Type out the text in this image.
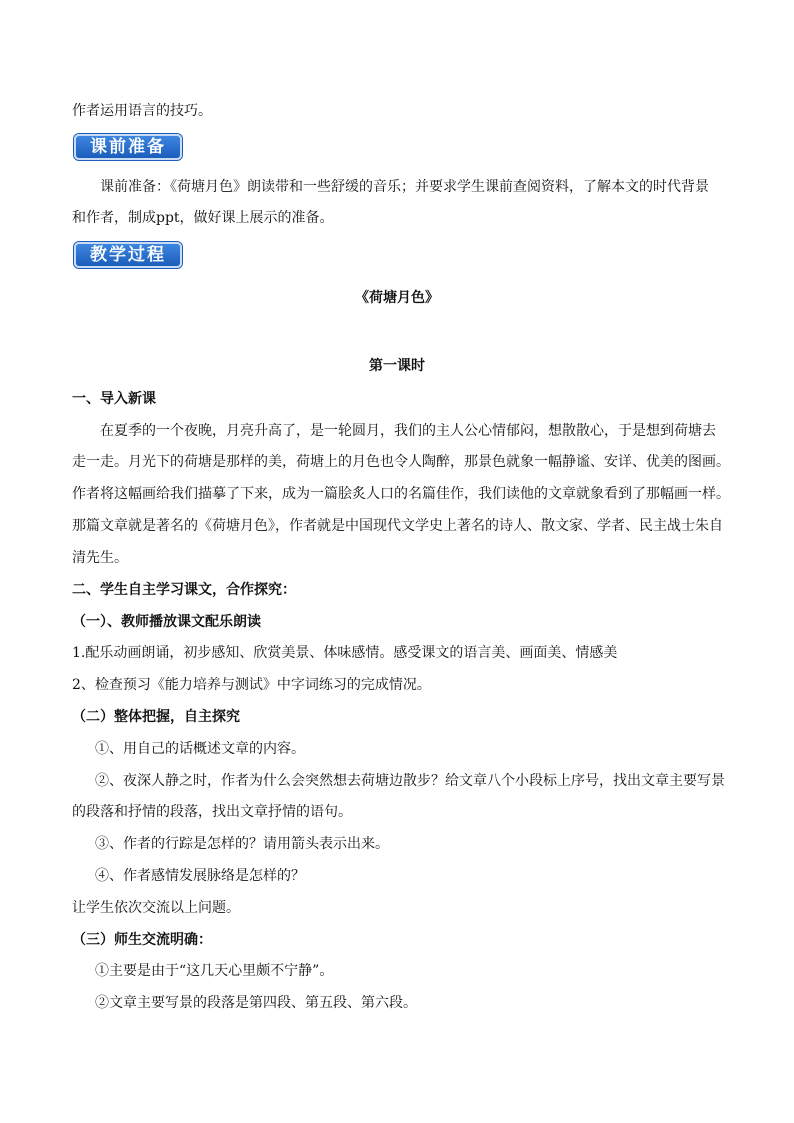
作者运用语言的技巧。
课前准备
课前准备：《荷塘月色》朗读带和一些舒缓的音乐；并要求学生课前查阅资料，了解本文的时代背景
和作者，制成ppt，做好课上展示的准备。
教学过程
《荷塘月色》
第一课时
一、导入新课
在夏季的一个夜晚，月亮升高了，是一轮圆月，我们的主人公心情郁闷，想散散心，于是想到荷塘去
走一走。月光下的荷塘是那样的美，荷塘上的月色也令人陶醉，那景色就象一幅静谧、安详、优美的图画。
作者将这幅画给我们描摹了下来，成为一篇脍炙人口的名篇佳作，我们读他的文章就象看到了那幅画一样。
那篇文章就是著名的《荷塘月色》，作者就是中国现代文学史上著名的诗人、散文家、学者、民主战士朱自
清先生。
二、学生自主学习课文，合作探究：
（一）、教师播放课文配乐朗读
1.配乐动画朗诵，初步感知、欣赏美景、体味感情。感受课文的语言美、画面美、情感美
2、检查预习《能力培养与测试》中字词练习的完成情况。
（二）整体把握，自主探究
①、用自己的话概述文章的内容。
②、夜深人静之时，作者为什么会突然想去荷塘边散步？给文章八个小段标上序号，找出文章主要写景
的段落和抒情的段落，找出文章抒情的语句。
③、作者的行踪是怎样的？请用箭头表示出来。
④、作者感情发展脉络是怎样的？
让学生依次交流以上问题。
（三）师生交流明确：
①主要是由于“这几天心里颇不宁静”。
②文章主要写景的段落是第四段、第五段、第六段。
